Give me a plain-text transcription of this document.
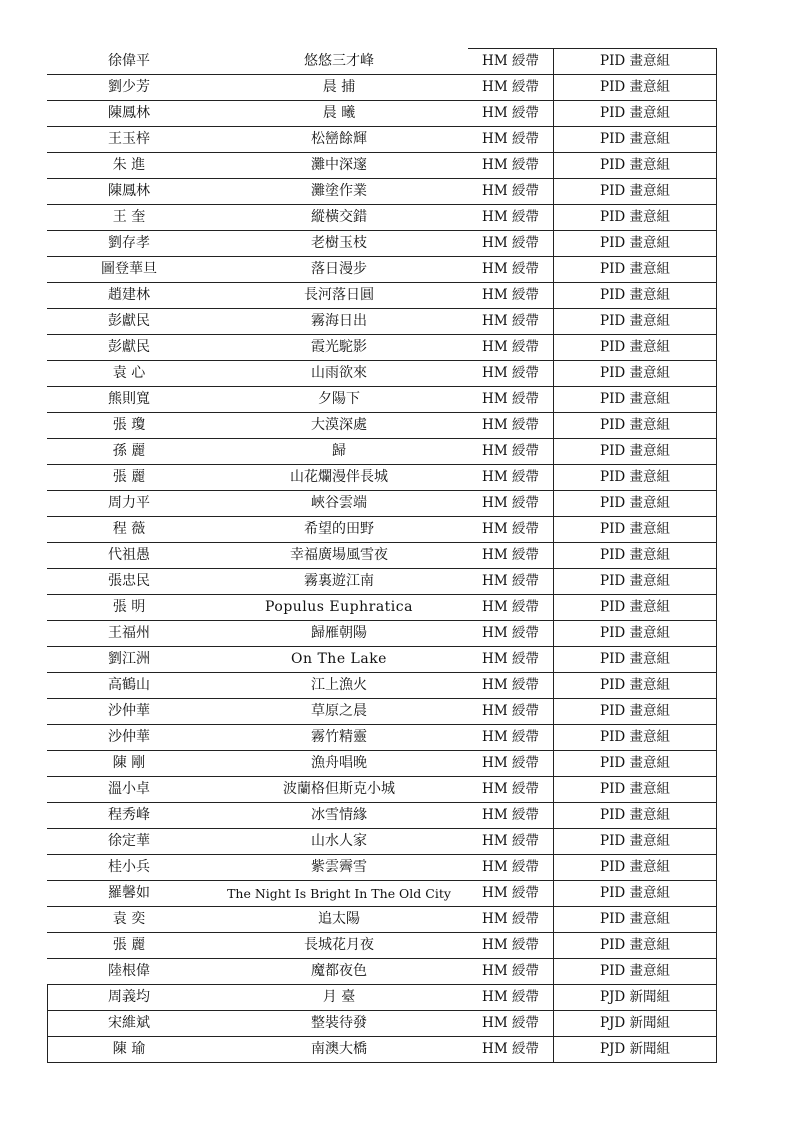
徐偉平	悠悠三才峰	HM 綬帶	PID 畫意組
劉少芳	晨 捕	HM 綬帶	PID 畫意組
陳鳳林	晨 曦	HM 綬帶	PID 畫意組
王玉梓	松巒餘輝	HM 綬帶	PID 畫意組
朱 進	灘中深邃	HM 綬帶	PID 畫意組
陳鳳林	灘塗作業	HM 綬帶	PID 畫意組
王 奎	縱橫交錯	HM 綬帶	PID 畫意組
劉存孝	老樹玉枝	HM 綬帶	PID 畫意組
圖登華旦	落日漫步	HM 綬帶	PID 畫意組
趙建林	長河落日圓	HM 綬帶	PID 畫意組
彭獻民	霧海日出	HM 綬帶	PID 畫意組
彭獻民	霞光駝影	HM 綬帶	PID 畫意組
袁 心	山雨欲來	HM 綬帶	PID 畫意組
熊則寬	夕陽下	HM 綬帶	PID 畫意組
張 瓊	大漠深處	HM 綬帶	PID 畫意組
孫 麗	歸	HM 綬帶	PID 畫意組
張 麗	山花爛漫伴長城	HM 綬帶	PID 畫意組
周力平	峽谷雲端	HM 綬帶	PID 畫意組
程 薇	希望的田野	HM 綬帶	PID 畫意組
代祖愚	幸福廣場風雪夜	HM 綬帶	PID 畫意組
張忠民	霧裏遊江南	HM 綬帶	PID 畫意組
張 明	Populus Euphratica	HM 綬帶	PID 畫意組
王福州	歸雁朝陽	HM 綬帶	PID 畫意組
劉江洲	On The Lake	HM 綬帶	PID 畫意組
高鶴山	江上漁火	HM 綬帶	PID 畫意組
沙仲華	草原之晨	HM 綬帶	PID 畫意組
沙仲華	霧竹精靈	HM 綬帶	PID 畫意組
陳 剛	漁舟唱晚	HM 綬帶	PID 畫意組
溫小卓	波蘭格但斯克小城	HM 綬帶	PID 畫意組
程秀峰	冰雪情緣	HM 綬帶	PID 畫意組
徐定華	山水人家	HM 綬帶	PID 畫意組
桂小兵	紫雲霽雪	HM 綬帶	PID 畫意組
羅馨如	The Night Is Bright In The Old City	HM 綬帶	PID 畫意組
袁 奕	追太陽	HM 綬帶	PID 畫意組
張 麗	長城花月夜	HM 綬帶	PID 畫意組
陸根偉	魔都夜色	HM 綬帶	PID 畫意組
周義均	月 臺	HM 綬帶	PJD 新聞組
宋維斌	整裝待發	HM 綬帶	PJD 新聞組
陳 瑜	南澳大橋	HM 綬帶	PJD 新聞組
